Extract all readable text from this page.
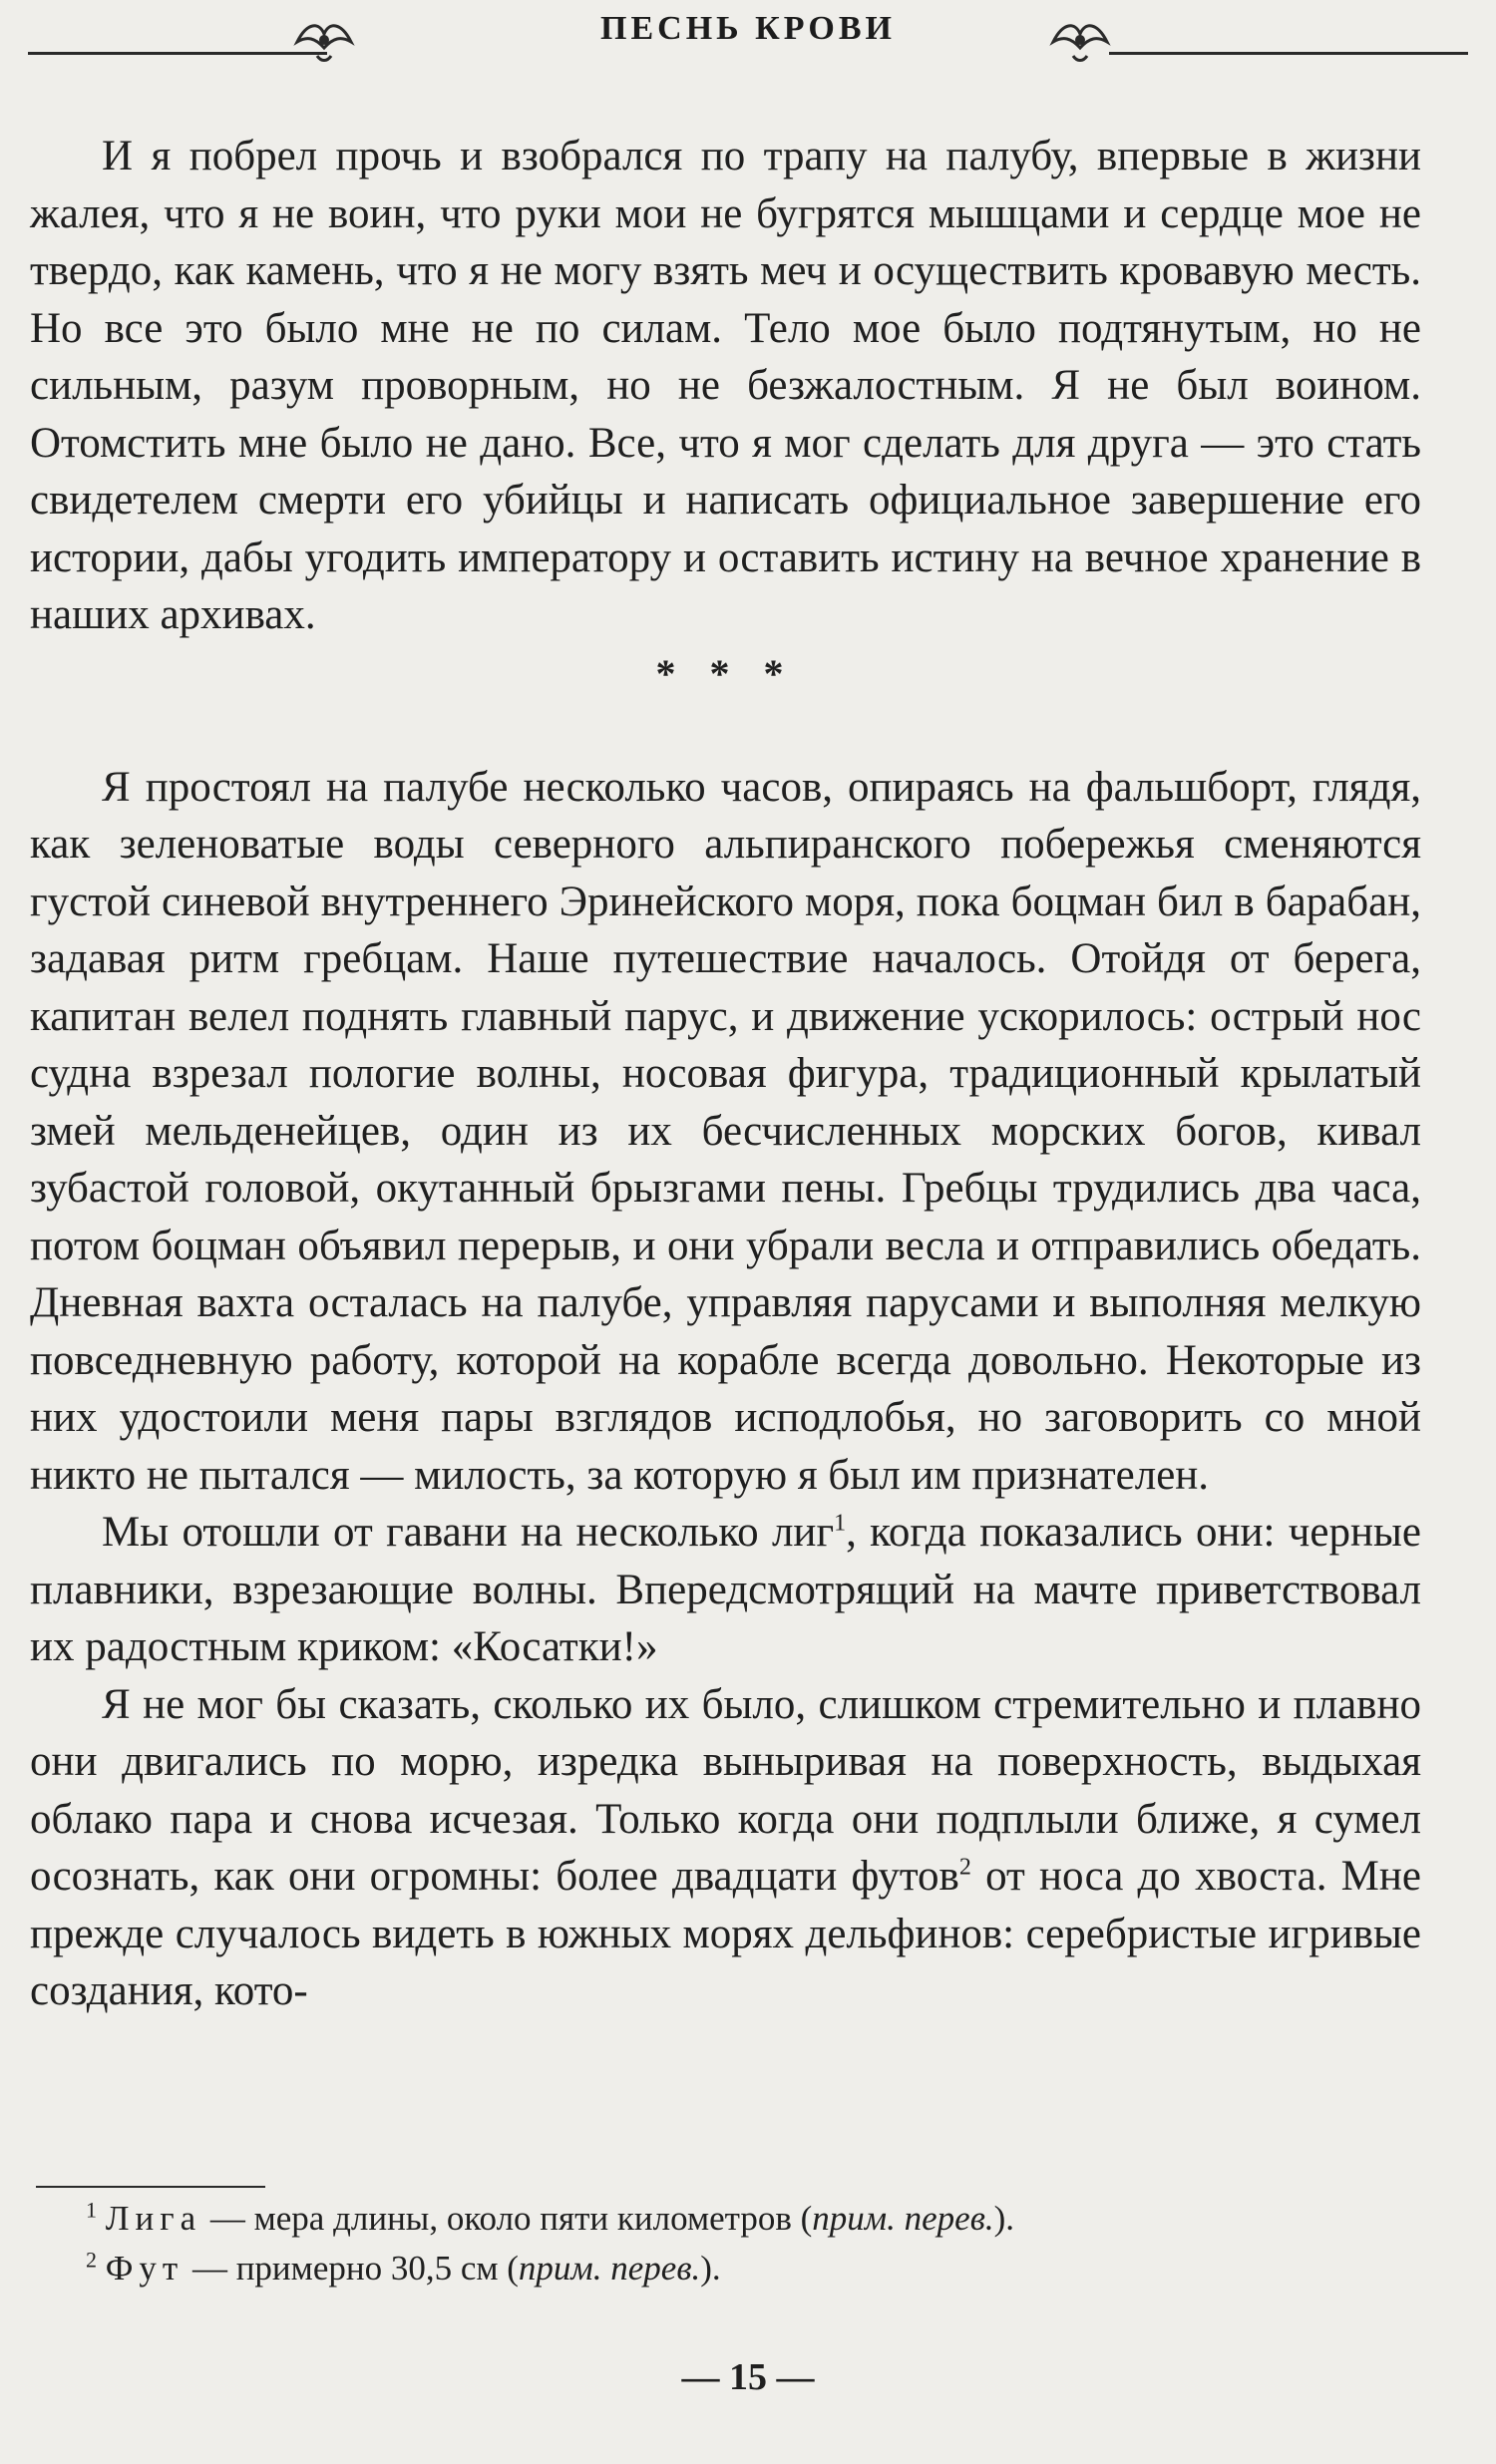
ПЕСНЬ КРОВИ

И я побрел прочь и взобрался по трапу на палубу, впервые в жизни жалея, что я не воин, что руки мои не бугрятся мышцами и сердце мое не твердо, как камень, что я не могу взять меч и осуществить кровавую месть. Но все это было мне не по силам. Тело мое было подтянутым, но не сильным, разум проворным, но не безжалостным. Я не был воином. Отомстить мне было не дано. Все, что я мог сделать для друга — это стать свидетелем смерти его убийцы и написать официальное завершение его истории, дабы угодить императору и оставить истину на вечное хранение в наших архивах.

* * *

Я простоял на палубе несколько часов, опираясь на фальшборт, глядя, как зеленоватые воды северного альпиранского побережья сменяются густой синевой внутреннего Эринейского моря, пока боцман бил в барабан, задавая ритм гребцам. Наше путешествие началось. Отойдя от берега, капитан велел поднять главный парус, и движение ускорилось: острый нос судна взрезал пологие волны, носовая фигура, традиционный крылатый змей мельденейцев, один из их бесчисленных морских богов, кивал зубастой головой, окутанный брызгами пены. Гребцы трудились два часа, потом боцман объявил перерыв, и они убрали весла и отправились обедать. Дневная вахта осталась на палубе, управляя парусами и выполняя мелкую повседневную работу, которой на корабле всегда довольно. Некоторые из них удостоили меня пары взглядов исподлобья, но заговорить со мной никто не пытался — милость, за которую я был им признателен.

Мы отошли от гавани на несколько лиг$^1$, когда показались они: черные плавники, взрезающие волны. Впередсмотрящий на мачте приветствовал их радостным криком: «Косатки!»

Я не мог бы сказать, сколько их было, слишком стремительно и плавно они двигались по морю, изредка выныривая на поверхность, выдыхая облако пара и снова исчезая. Только когда они подплыли ближе, я сумел осознать, как они огромны: более двадцати футов$^2$ от носа до хвоста. Мне прежде случалось видеть в южных морях дельфинов: серебристые игривые создания, кото-

$^1$ Лига — мера длины, около пяти километров (прим. перев.).
$^2$ Фут — примерно 30,5 см (прим. перев.).
— 15 —
